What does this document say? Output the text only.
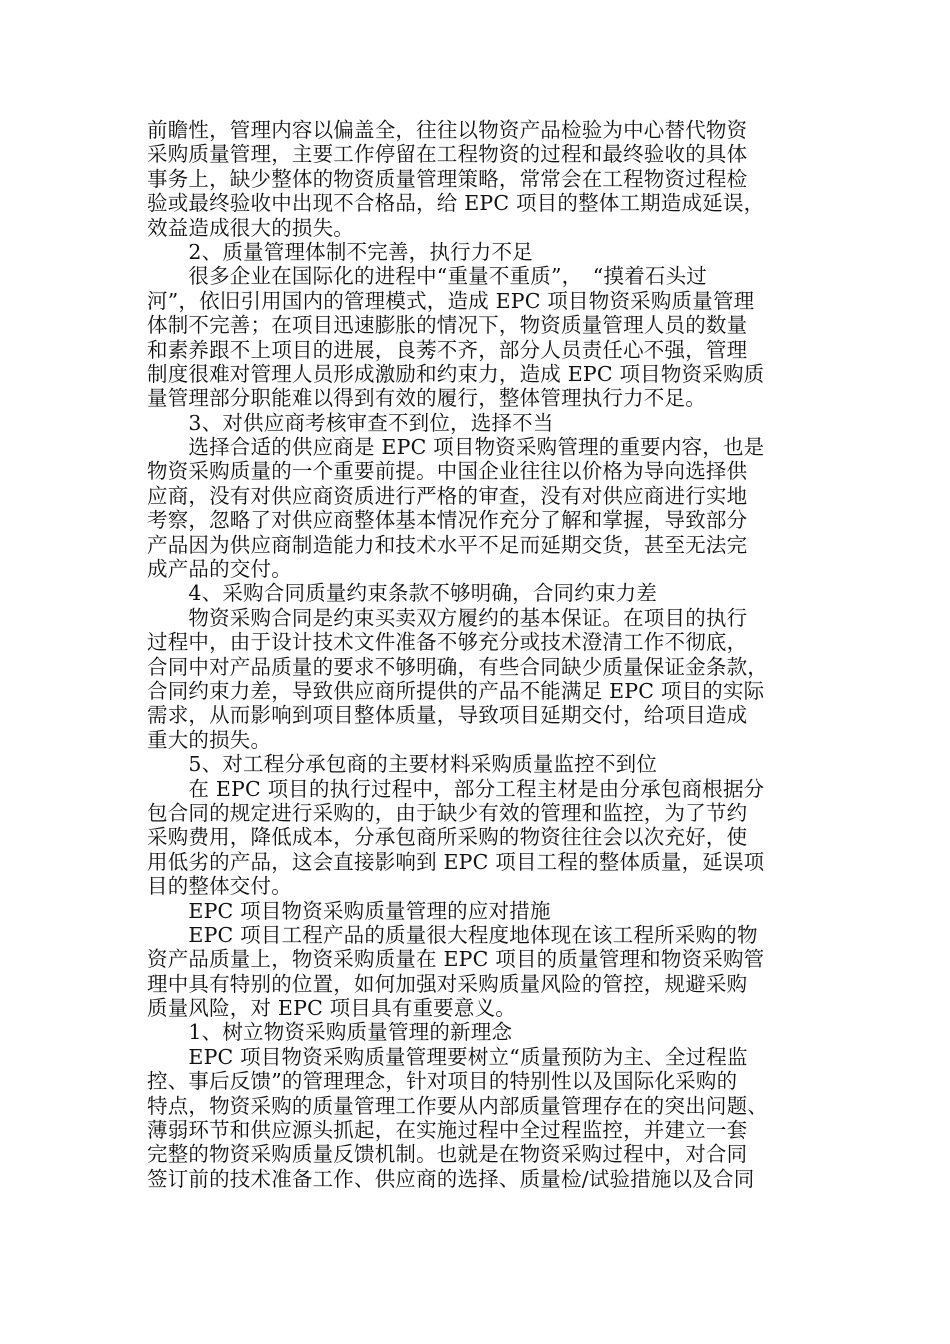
前瞻性，管理内容以偏盖全，往往以物资产品检验为中心替代物资
采购质量管理，主要工作停留在工程物资的过程和最终验收的具体
事务上，缺少整体的物资质量管理策略，常常会在工程物资过程检
验或最终验收中出现不合格品，给 EPC 项目的整体工期造成延误，
效益造成很大的损失。
　　2、质量管理体制不完善，执行力不足
　　很多企业在国际化的进程中“重量不重质”，　“摸着石头过
河”，依旧引用国内的管理模式，造成 EPC 项目物资采购质量管理
体制不完善；在项目迅速膨胀的情况下，物资质量管理人员的数量
和素养跟不上项目的进展，良莠不齐，部分人员责任心不强，管理
制度很难对管理人员形成激励和约束力，造成 EPC 项目物资采购质
量管理部分职能难以得到有效的履行，整体管理执行力不足。
　　3、对供应商考核审查不到位，选择不当
　　选择合适的供应商是 EPC 项目物资采购管理的重要内容，也是
物资采购质量的一个重要前提。中国企业往往以价格为导向选择供
应商，没有对供应商资质进行严格的审查，没有对供应商进行实地
考察，忽略了对供应商整体基本情况作充分了解和掌握，导致部分
产品因为供应商制造能力和技术水平不足而延期交货，甚至无法完
成产品的交付。
　　4、采购合同质量约束条款不够明确，合同约束力差
　　物资采购合同是约束买卖双方履约的基本保证。在项目的执行
过程中，由于设计技术文件准备不够充分或技术澄清工作不彻底，
合同中对产品质量的要求不够明确，有些合同缺少质量保证金条款，
合同约束力差，导致供应商所提供的产品不能满足 EPC 项目的实际
需求，从而影响到项目整体质量，导致项目延期交付，给项目造成
重大的损失。
　　5、对工程分承包商的主要材料采购质量监控不到位
　　在 EPC 项目的执行过程中，部分工程主材是由分承包商根据分
包合同的规定进行采购的，由于缺少有效的管理和监控，为了节约
采购费用，降低成本，分承包商所采购的物资往往会以次充好，使
用低劣的产品，这会直接影响到 EPC 项目工程的整体质量，延误项
目的整体交付。
　　EPC 项目物资采购质量管理的应对措施
　　EPC 项目工程产品的质量很大程度地体现在该工程所采购的物
资产品质量上，物资采购质量在 EPC 项目的质量管理和物资采购管
理中具有特别的位置，如何加强对采购质量风险的管控，规避采购
质量风险，对 EPC 项目具有重要意义。
　　1、树立物资采购质量管理的新理念
　　EPC 项目物资采购质量管理要树立“质量预防为主、全过程监
控、事后反馈”的管理理念，针对项目的特别性以及国际化采购的
特点，物资采购的质量管理工作要从内部质量管理存在的突出问题、
薄弱环节和供应源头抓起，在实施过程中全过程监控，并建立一套
完整的物资采购质量反馈机制。也就是在物资采购过程中，对合同
签订前的技术准备工作、供应商的选择、质量检/试验措施以及合同
